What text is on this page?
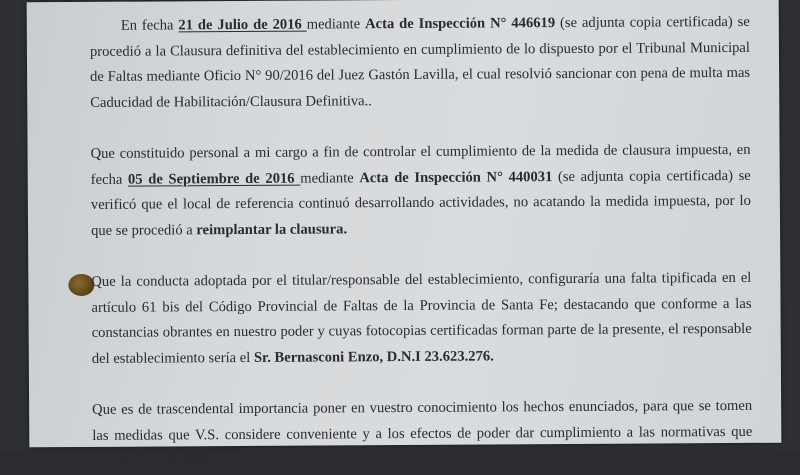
En fecha 21 de Julio de 2016 mediante Acta de Inspección N° 446619 (se adjunta copia certificada) se
procedió a la Clausura definitiva del establecimiento en cumplimiento de lo dispuesto por el Tribunal Municipal
de Faltas mediante Oficio N° 90/2016 del Juez Gastón Lavilla, el cual resolvió sancionar con pena de multa mas
Caducidad de Habilitación/Clausura Definitiva..
Que constituido personal a mi cargo a fin de controlar el cumplimiento de la medida de clausura impuesta, en
fecha 05 de Septiembre de 2016 mediante Acta de Inspección N° 440031 (se adjunta copia certificada) se
verificó que el local de referencia continuó desarrollando actividades, no acatando la medida impuesta, por lo
que se procedió a reimplantar la clausura.
Que la conducta adoptada por el titular/responsable del establecimiento, configuraría una falta tipificada en el
artículo 61 bis del Código Provincial de Faltas de la Provincia de Santa Fe; destacando que conforme a las
constancias obrantes en nuestro poder y cuyas fotocopias certificadas forman parte de la presente, el responsable
del establecimiento sería el Sr. Bernasconi Enzo, D.N.I 23.623.276.
Que es de trascendental importancia poner en vuestro conocimiento los hechos enunciados, para que se tomen
las medidas que V.S. considere conveniente y a los efectos de poder dar cumplimiento a las normativas que
regulan la actividad.
